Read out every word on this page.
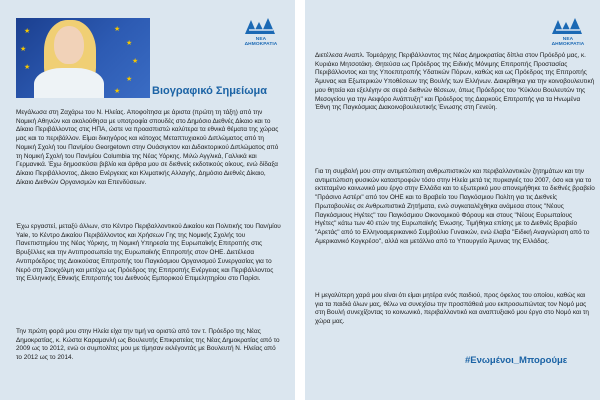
★
★
★
★
★
★
★
★
ΝΕΑ ΔΗΜΟΚΡΑΤΙΑ
Βιογραφικό Σημείωμα

Μεγάλωσα στη Ζαχάρω του Ν. Ηλείας. Αποφοίτησα με άριστα (πρώτη τη τάξη) από την Νομική Αθηνών και ακολούθησα με υποτροφία σπουδές στο Δημόσιο Διεθνές Δίκαιο και το Δίκαιο Περιβάλλοντος στις ΗΠΑ, ώστε να προασπιστώ καλύτερα τα εθνικά θέματα της χώρας μας και το περιβάλλον. Είμαι δικηγόρος και κάτοχος Μεταπτυχιακού Διπλώματος από τη Νομική Σχολή του Παν/μίου Georgetown στην Ουάσιγκτον και Διδακτορικού Διπλώματος από τη Νομική Σχολή του Παν/μίου Columbia της Νέας Υόρκης. Μιλώ Αγγλικά, Γαλλικά και Γερμανικά. Έχω δημοσιεύσει βιβλίο και άρθρα μου σε διεθνείς εκδοτικούς οίκους, ενώ δίδαξα Δίκαιο Περιβάλλοντος, Δίκαιο Ενέργειας και Κλιματικής Αλλαγής, Δημόσιο Διεθνές Δίκαιο, Δίκαιο Διεθνών Οργανισμών και Επενδύσεων.

Έχω εργαστεί, μεταξύ άλλων, στο Κέντρο Περιβαλλοντικού Δικαίου και Πολιτικής του Παν/μίου Yale, το Κέντρο Δικαίου Περιβάλλοντος και Χρήσεων Γης της Νομικής Σχολής του Πανεπιστημίου της Νέας Υόρκης, τη Νομική Υπηρεσία της Ευρωπαϊκής Επιτροπής στις Βρυξέλλες και την Αντιπροσωπεία της Ευρωπαϊκής Επιτροπής στον ΟΗΕ. Διετέλεσα Αντιπρόεδρος της Διοικούσας Επιτροπής του Παγκόσμιου Οργανισμού Συνεργασίας για το Νερό στη Στοκχόλμη και μετέχω ως Πρόεδρος της Επιτροπής Ενέργειας και Περιβάλλοντος της Ελληνικής Εθνικής Επιτροπής του Διεθνούς Εμπορικού Επιμελητηρίου στο Παρίσι.

Την πρώτη φορά μου στην Ηλεία είχα την τιμή να οριστώ από τον τ. Πρόεδρο της Νέας Δημοκρατίας, κ. Κώστα Καραμανλή ως Βουλευτής Επικρατείας της Νέας Δημοκρατίας από το 2009 ως το 2012, ενώ οι συμπολίτες μου με τίμησαν εκλέγοντάς με Βουλευτή Ν. Ηλείας από το 2012 ως το 2014.

ΝΕΑ ΔΗΜΟΚΡΑΤΙΑ

Διετέλεσα Αναπλ. Τομεάρχης Περιβάλλοντος της Νέας Δημοκρατίας δίπλα στον Πρόεδρό μας, κ. Κυριάκο Μητσοτάκη. Θητεύσα ως Πρόεδρος της Ειδικής Μόνιμης Επιτροπής Προστασίας Περιβάλλοντος και της Υποεπιτροπής Υδατικών Πόρων, καθώς και ως Πρόεδρος της Επιτροπής Άμυνας και Εξωτερικών Υποθέσεων της Βουλής των Ελλήνων. Διακρίθηκα για την κοινοβουλευτική μου θητεία και εξελέγην σε σειρά διεθνών θέσεων, όπως Πρόεδρος του "Κύκλου Βουλευτών της Μεσογείου για την Αειφόρο Ανάπτυξη" και Πρόεδρος της Διαρκούς Επιτροπής για τα Ηνωμένα Έθνη της Παγκόσμιας Διακοινοβουλευτικής Ένωσης στη Γενεύη.

Για τη συμβολή μου στην αντιμετώπιση ανθρωπιστικών και περιβαλλοντικών ζητημάτων και την αντιμετώπιση φυσικών καταστροφών τόσο στην Ηλεία μετά τις πυρκαγιές του 2007, όσο και για το εκτεταμένο κοινωνικό μου έργο στην Ελλάδα και το εξωτερικό μου απονεμήθηκε το διεθνές βραβείο "Πράσινο Αστέρι" από τον ΟΗΕ και το Βραβείο του Παγκόσμιου Πολίτη για τις Διεθνείς Πρωτοβουλίες σε Ανθρωπιστικά Ζητήματα, ενώ συγκαταλέχθηκα ανάμεσα στους "Νέους Παγκόσμιους Ηγέτες" του Παγκόσμιου Οικονομικού Φόρουμ και στους "Νέους Ευρωπαίους Ηγέτες" κάτω των 40 ετών της Ευρωπαϊκής Ένωσης. Τιμήθηκα επίσης με το Διεθνές Βραβείο "Αρετάς" από το Ελληνοαμερικανικό Συμβούλιο Γυναικών, ενώ έλαβα "Ειδική Αναγνώριση από το Αμερικανικό Κογκρέσο", αλλά και μετάλλιο από το Υπουργείο Άμυνας της Ελλάδας.

Η μεγαλύτερη χαρά μου είναι ότι είμαι μητέρα ενός παιδιού, προς όφελος του οποίου, καθώς και για τα παιδιά όλων μας, θέλω να συνεχίσω την προσπάθειά μου εκπροσωπώντας τον Νομό μας στη Βουλή συνεχίζοντας το κοινωνικό, περιβαλλοντικό και αναπτυξιακό μου έργο στο Νομό και τη χώρα μας.

#Ενωμένοι_Μπορούμε
